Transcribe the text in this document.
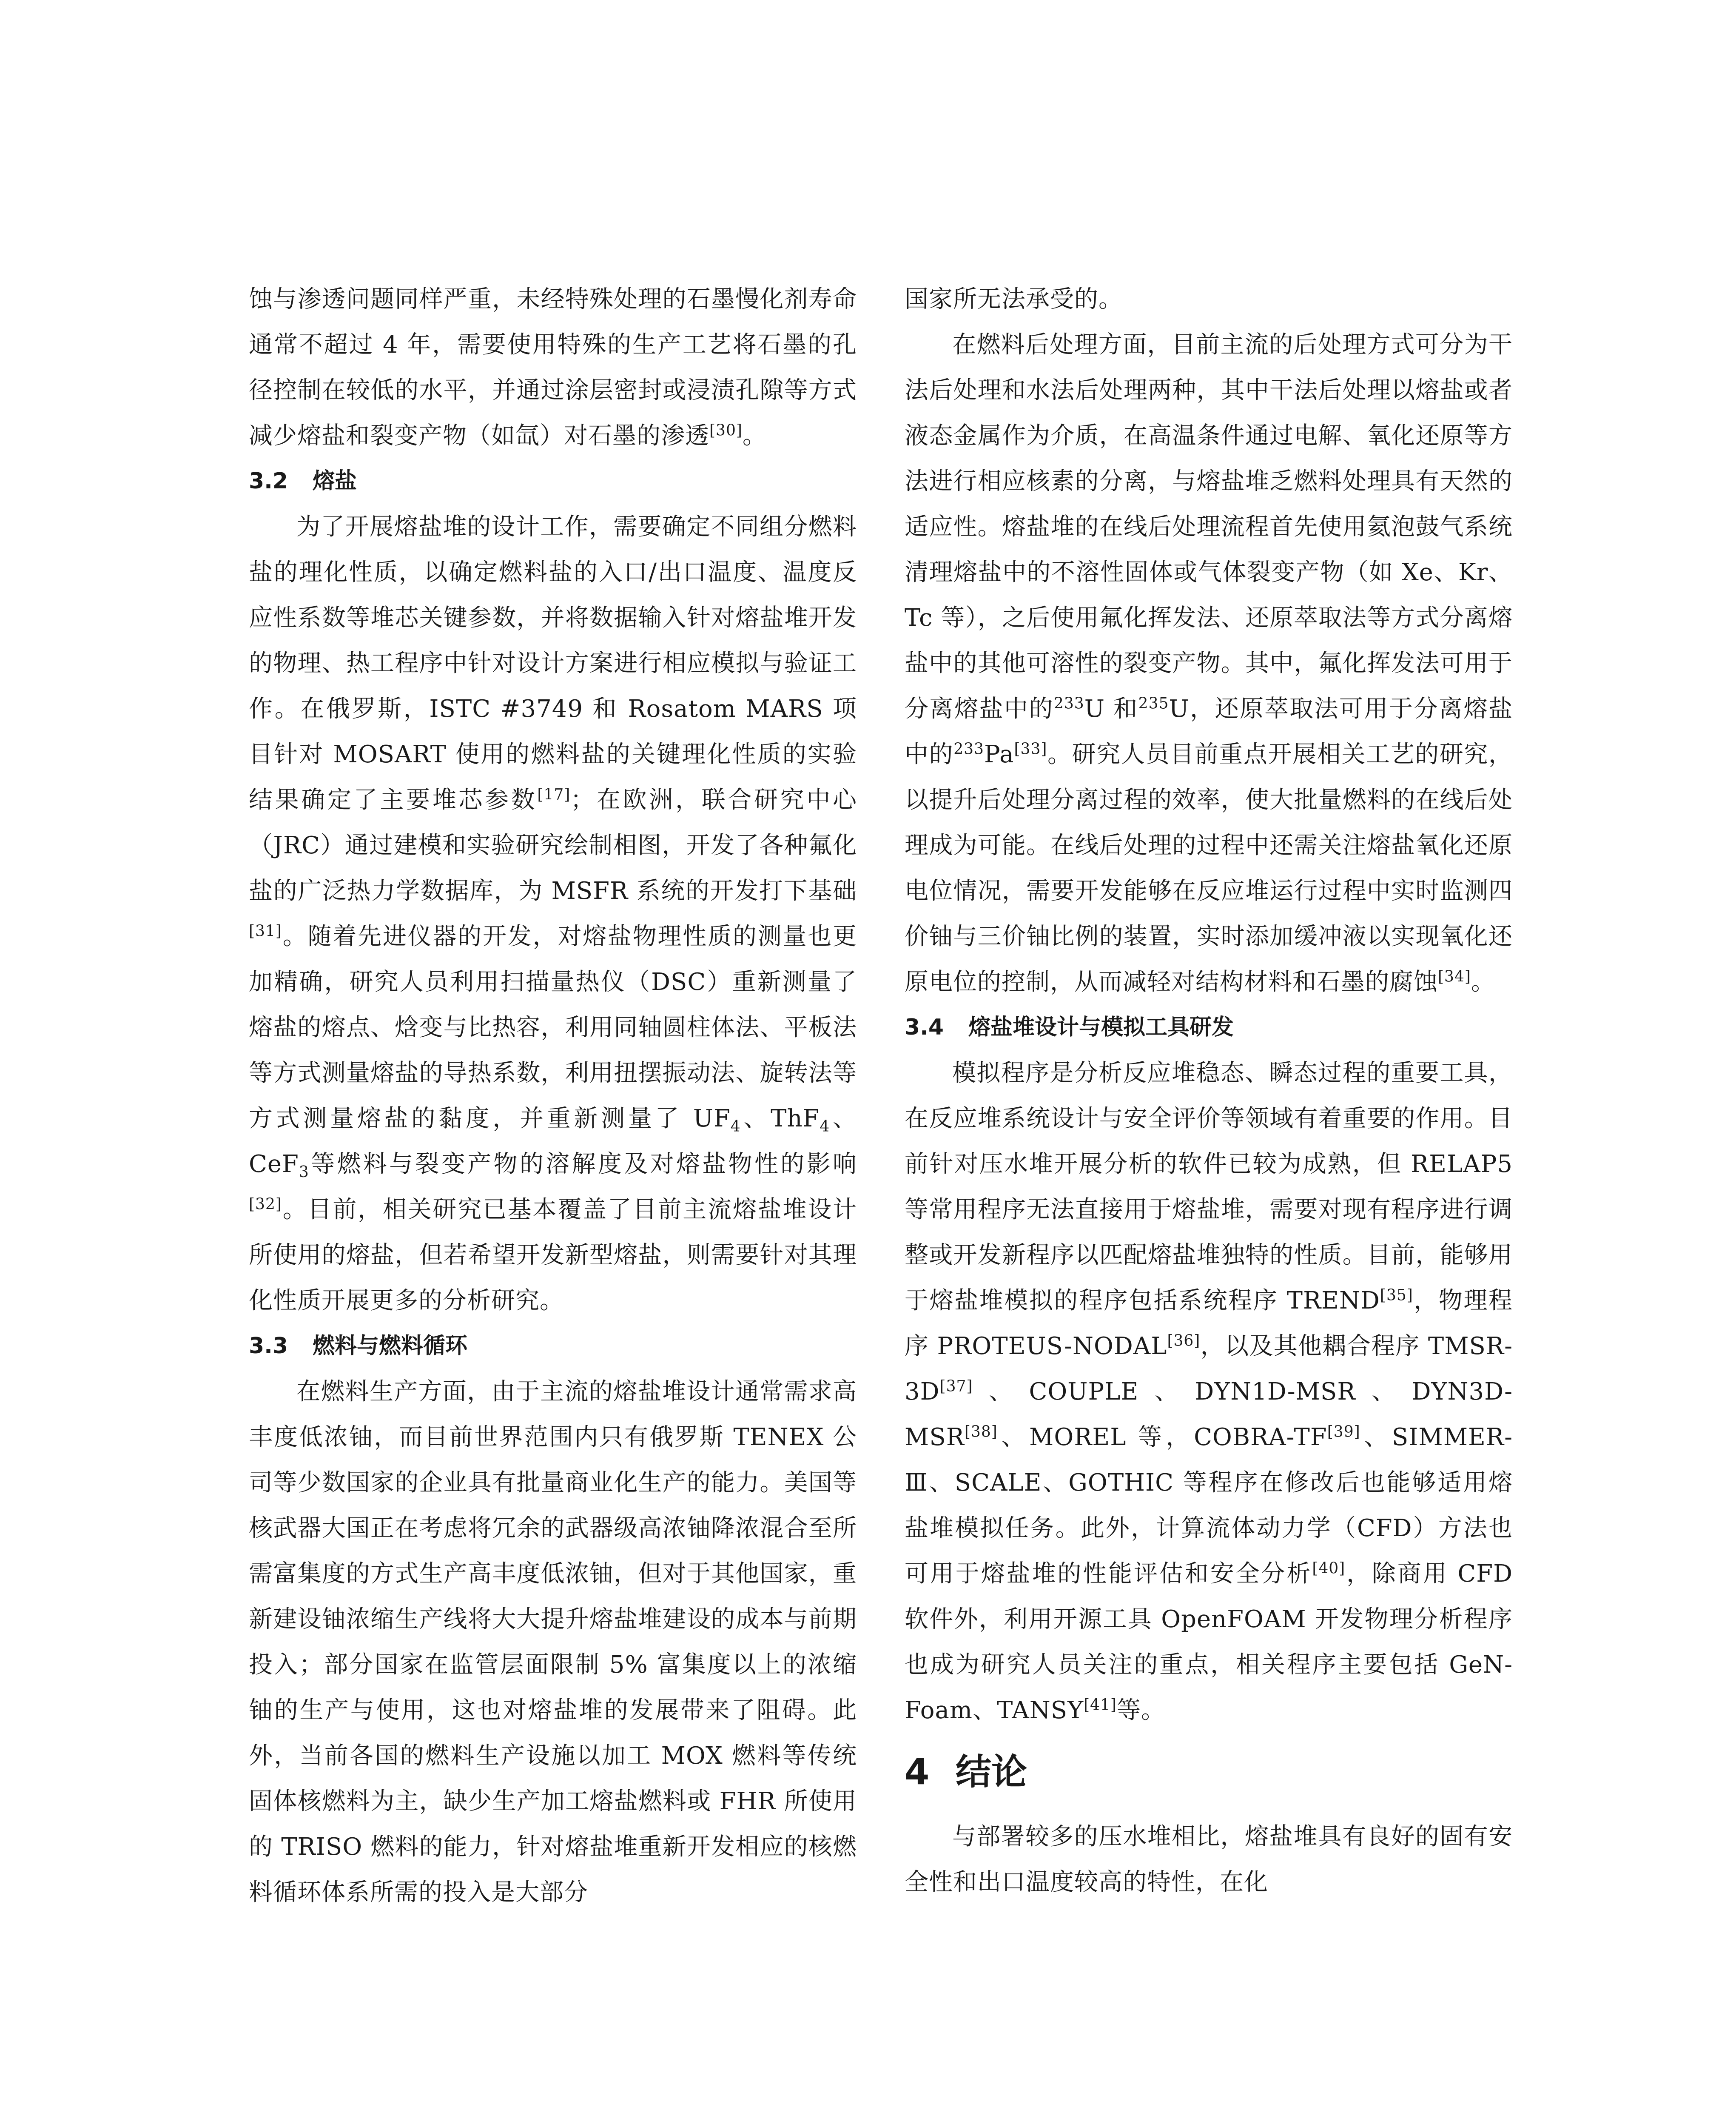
蚀与渗透问题同样严重，未经特殊处理的石墨慢化剂寿命通常不超过 4 年，需要使用特殊的生产工艺将石墨的孔径控制在较低的水平，并通过涂层密封或浸渍孔隙等方式减少熔盐和裂变产物（如氙）对石墨的渗透[30]。

3.2 熔盐

为了开展熔盐堆的设计工作，需要确定不同组分燃料盐的理化性质，以确定燃料盐的入口/出口温度、温度反应性系数等堆芯关键参数，并将数据输入针对熔盐堆开发的物理、热工程序中针对设计方案进行相应模拟与验证工作。在俄罗斯，ISTC #3749 和 Rosatom MARS 项目针对 MOSART 使用的燃料盐的关键理化性质的实验结果确定了主要堆芯参数[17]；在欧洲，联合研究中心（JRC）通过建模和实验研究绘制相图，开发了各种氟化盐的广泛热力学数据库，为 MSFR 系统的开发打下基础[31]。随着先进仪器的开发，对熔盐物理性质的测量也更加精确，研究人员利用扫描量热仪（DSC）重新测量了熔盐的熔点、焓变与比热容，利用同轴圆柱体法、平板法等方式测量熔盐的导热系数，利用扭摆振动法、旋转法等方式测量熔盐的黏度，并重新测量了 $UF_4$、ThF$_4$、CeF$_3$等燃料与裂变产物的溶解度及对熔盐物性的影响[32]。目前，相关研究已基本覆盖了目前主流熔盐堆设计所使用的熔盐，但若希望开发新型熔盐，则需要针对其理化性质开展更多的分析研究。

3.3 燃料与燃料循环

在燃料生产方面，由于主流的熔盐堆设计通常需求高丰度低浓铀，而目前世界范围内只有俄罗斯 TENEX 公司等少数国家的企业具有批量商业化生产的能力。美国等核武器大国正在考虑将冗余的武器级高浓铀降浓混合至所需富集度的方式生产高丰度低浓铀，但对于其他国家，重新建设铀浓缩生产线将大大提升熔盐堆建设的成本与前期投入；部分国家在监管层面限制 5% 富集度以上的浓缩铀的生产与使用，这也对熔盐堆的发展带来了阻碍。此外，当前各国的燃料生产设施以加工 MOX 燃料等传统固体核燃料为主，缺少生产加工熔盐燃料或 FHR 所使用的 TRISO 燃料的能力，针对熔盐堆重新开发相应的核燃料循环体系所需的投入是大部分

国家所无法承受的。

在燃料后处理方面，目前主流的后处理方式可分为干法后处理和水法后处理两种，其中干法后处理以熔盐或者液态金属作为介质，在高温条件通过电解、氧化还原等方法进行相应核素的分离，与熔盐堆乏燃料处理具有天然的适应性。熔盐堆的在线后处理流程首先使用氦泡鼓气系统清理熔盐中的不溶性固体或气体裂变产物（如 Xe、Kr、Tc 等），之后使用氟化挥发法、还原萃取法等方式分离熔盐中的其他可溶性的裂变产物。其中，氟化挥发法可用于分离熔盐中的$^{233}$U 和$^{235}$U，还原萃取法可用于分离熔盐中的$^{233}$Pa[33]。研究人员目前重点开展相关工艺的研究，以提升后处理分离过程的效率，使大批量燃料的在线后处理成为可能。在线后处理的过程中还需关注熔盐氧化还原电位情况，需要开发能够在反应堆运行过程中实时监测四价铀与三价铀比例的装置，实时添加缓冲液以实现氧化还原电位的控制，从而减轻对结构材料和石墨的腐蚀[34]。

3.4 熔盐堆设计与模拟工具研发

模拟程序是分析反应堆稳态、瞬态过程的重要工具，在反应堆系统设计与安全评价等领域有着重要的作用。目前针对压水堆开展分析的软件已较为成熟，但 RELAP5 等常用程序无法直接用于熔盐堆，需要对现有程序进行调整或开发新程序以匹配熔盐堆独特的性质。目前，能够用于熔盐堆模拟的程序包括系统程序 TREND[35]，物理程序 PROTEUS-NODAL[36]，以及其他耦合程序 TMSR-3D[37]、COUPLE、DYN1D-MSR、DYN3D-MSR[38]、MOREL 等，COBRA-TF[39]、SIMMER-Ⅲ、SCALE、GOTHIC 等程序在修改后也能够适用熔盐堆模拟任务。此外，计算流体动力学（CFD）方法也可用于熔盐堆的性能评估和安全分析[40]，除商用 CFD 软件外，利用开源工具 OpenFOAM 开发物理分析程序也成为研究人员关注的重点，相关程序主要包括 GeN-Foam、TANSY[41]等。

4 结论

与部署较多的压水堆相比，熔盐堆具有良好的固有安全性和出口温度较高的特性，在化
